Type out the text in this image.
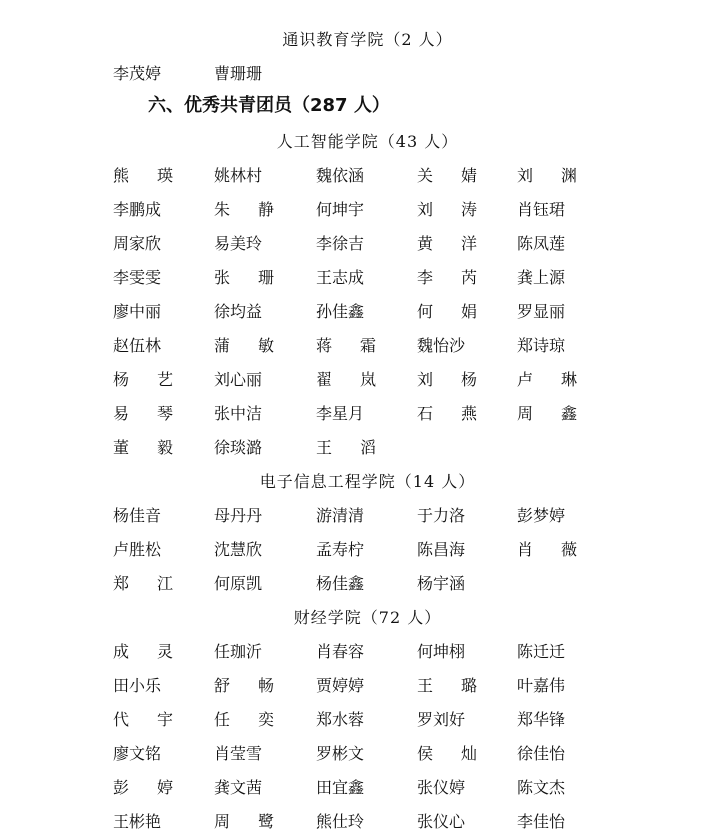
通识教育学院（2 人）
李茂婷	曹珊珊
六、优秀共青团员（287 人）
人工智能学院（43 人）
熊 瑛	姚林村	魏依涵	关 婧	刘 渊
李鹏成	朱 静	何坤宇	刘 涛	肖钰珺
周家欣	易美玲	李徐吉	黄 洋	陈凤莲
李雯雯	张 珊	王志成	李 芮	龚上源
廖中丽	徐均益	孙佳鑫	何 娟	罗显丽
赵伍林	蒲 敏	蒋 霜	魏怡沙	郑诗琼
杨 艺	刘心丽	翟 岚	刘 杨	卢 琳
易 琴	张中洁	李星月	石 燕	周 鑫
董 毅	徐琰潞	王 滔
电子信息工程学院（14 人）
杨佳音	母丹丹	游清清	于力洛	彭梦婷
卢胜松	沈慧欣	孟寿柠	陈昌海	肖 薇
郑 江	何原凯	杨佳鑫	杨宇涵
财经学院（72 人）
成 灵	任珈沂	肖春容	何坤栩	陈迁迁
田小乐	舒 畅	贾婷婷	王 璐	叶嘉伟
代 宇	任 奕	郑水蓉	罗刘好	郑华锋
廖文铭	肖莹雪	罗彬文	侯 灿	徐佳怡
彭 婷	龚文茜	田宜鑫	张仪婷	陈文杰
王彬艳	周 鹭	熊仕玲	张仪心	李佳怡
